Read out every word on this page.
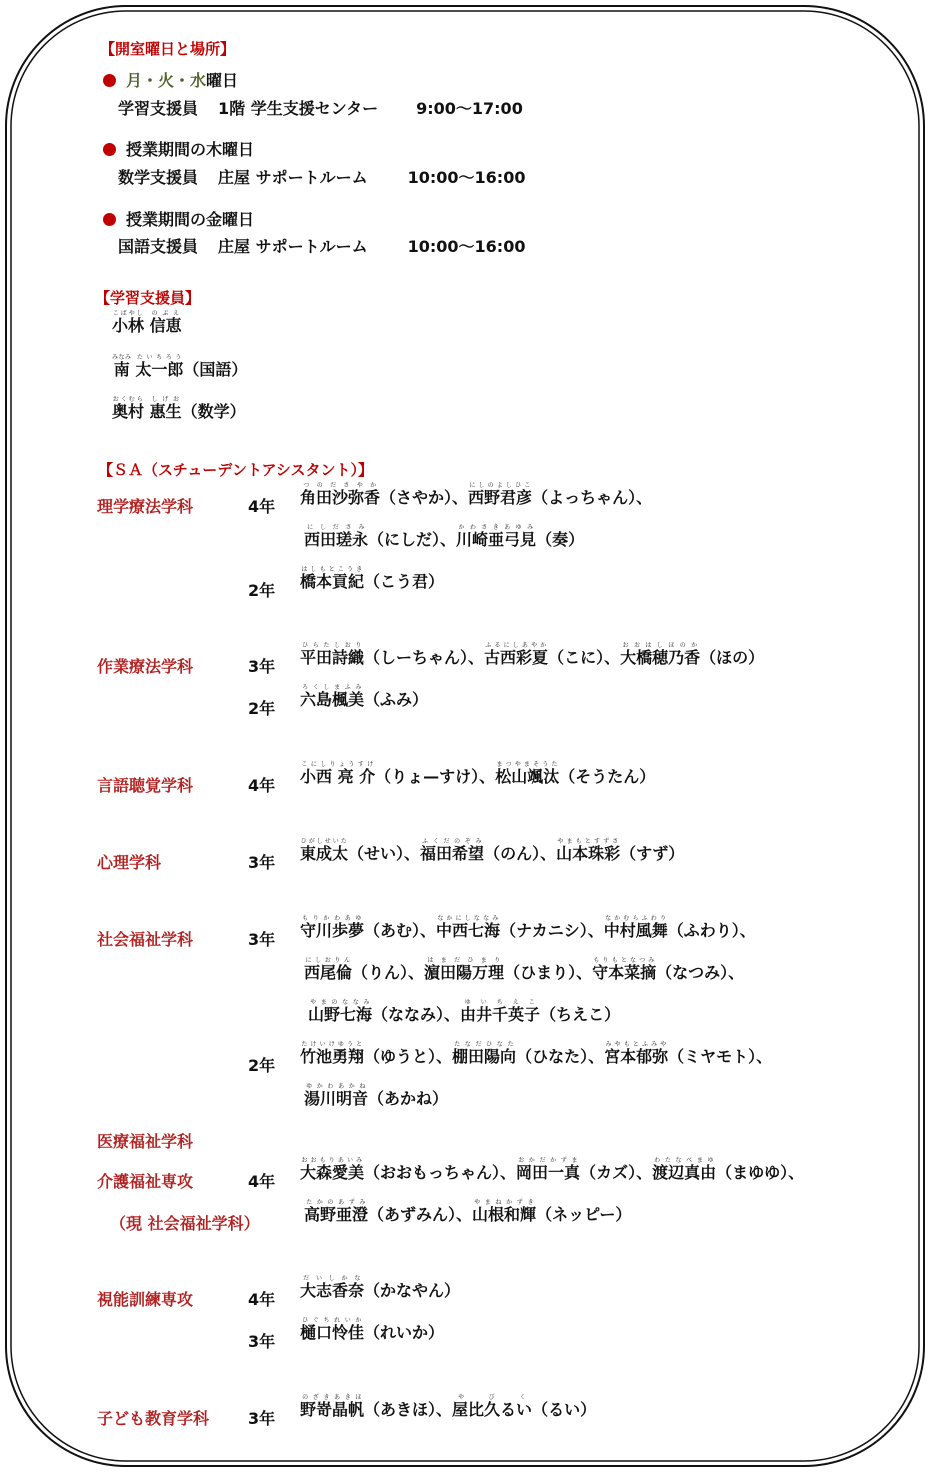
【開室曜日と場所】
月・火・水曜日
学習支援員 1階 学生支援センター 9:00〜17:00
授業期間の木曜日
数学支援員 庄屋 サポートルーム	10:00〜16:00
授業期間の金曜日
国語支援員 庄屋 サポートルーム	10:00〜16:00
【学習支援員】
小林こばやし 信恵のぶえ
南みなみ 太一郎たいちろう（国語）
奥村おくむら 惠生しげお（数学）
【ＳＡ（スチューデントアシスタント）】
理学療法学科	4年 角田沙弥香つのださやか（さやか）、西野君彦にしのよしひこ（よっちゃん）、
西田瑳永にしださみ（にしだ）、川崎亜弓見かわさきあゆみ（奏）
2年 橋本貢紀はしもとこうき（こう君）
作業療法学科	3年 平田詩織ひらたしおり（しーちゃん）、古西彩夏ふるにしあやか（こに）、大橋穂乃香おおはしほのか（ほの）
2年 六島楓美ろくしまふみ（ふみ）
言語聴覚学科	4年 小西 亮 介こにしりょうすけ（りょ—すけ）、松山颯汰まつやまそうた（そうたん）
心理学科	3年 東成太ひがしせいた（せい）、福田希望ふくだのぞみ（のん）、山本珠彩やまもとすずさ（すず）
社会福祉学科	3年 守川歩夢もりかわあゆ（あむ）、中西七海なかにしななみ（ナカニシ）、中村風舞なかむらふわり（ふわり）、
西尾倫にしおりん（りん）、濵田陽万理はまだひまり（ひまり）、守本菜摘もりもとなつみ（なつみ）、
山野七海やまのななみ（ななみ）、由井千英子ゆいちえこ（ちえこ）
2年 竹池勇翔たけいけゆうと（ゆうと）、棚田陽向たなだひなた（ひなた）、宮本郁弥みやもとふみや（ミヤモト）、
湯川明音ゆかわあかね（あかね）
医療福祉学科
介護福祉専攻	4年 大森愛美おおもりあいみ（おおもっちゃん）、岡田一真おかだかずま（カズ）、渡辺真由わたなべまゆ（まゆゆ）、
（現 社会福祉学科）	高野亜澄たかのあずみ（あずみん）、山根和輝やまねかずき（ネッピー）
視能訓練専攻	4年 大志香奈だいしかな（かなやん）
3年 樋口怜佳ひぐちれいか（れいか）
子ども教育学科 3年 野嵜晶帆のざきあきほ（あきほ）、屋比久るいやびく（るい）
